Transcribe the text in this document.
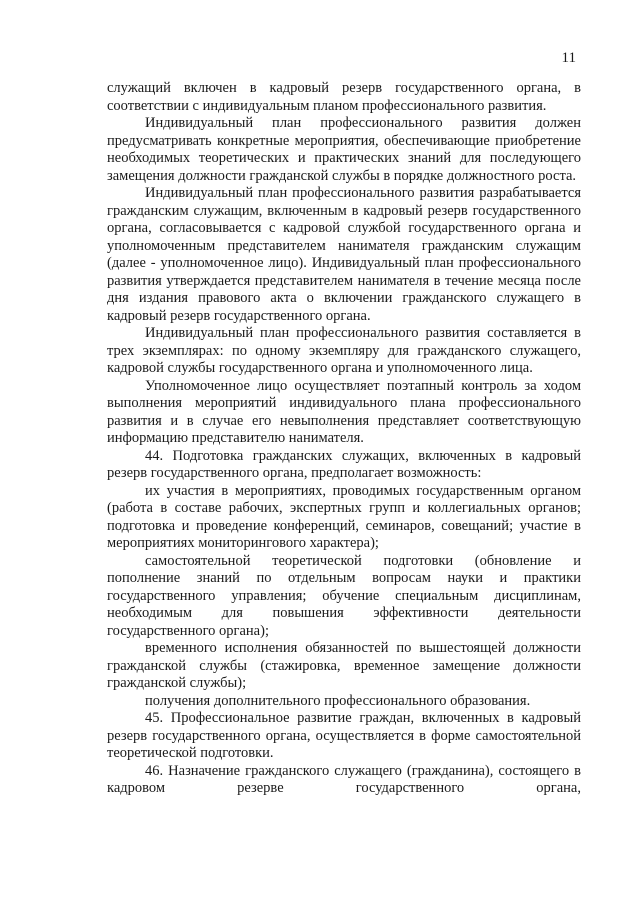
11

служащий включен в кадровый резерв государственного органа, в соответствии с индивидуальным планом профессионального развития.

Индивидуальный план профессионального развития должен предусматривать конкретные мероприятия, обеспечивающие приобретение необходимых теоретических и практических знаний для последующего замещения должности гражданской службы в порядке должностного роста.

Индивидуальный план профессионального развития разрабатывается гражданским служащим, включенным в кадровый резерв государственного органа, согласовывается с кадровой службой государственного органа и уполномоченным представителем нанимателя гражданским служащим (далее - уполномоченное лицо). Индивидуальный план профессионального развития утверждается представителем нанимателя в течение месяца после дня издания правового акта о включении гражданского служащего в кадровый резерв государственного органа.

Индивидуальный план профессионального развития составляется в трех экземплярах: по одному экземпляру для гражданского служащего, кадровой службы государственного органа и уполномоченного лица.

Уполномоченное лицо осуществляет поэтапный контроль за ходом выполнения мероприятий индивидуального плана профессионального развития и в случае его невыполнения представляет соответствующую информацию представителю нанимателя.

44. Подготовка гражданских служащих, включенных в кадровый резерв государственного органа, предполагает возможность:

их участия в мероприятиях, проводимых государственным органом (работа в составе рабочих, экспертных групп и коллегиальных органов; подготовка и проведение конференций, семинаров, совещаний; участие в мероприятиях мониторингового характера);

самостоятельной теоретической подготовки (обновление и пополнение знаний по отдельным вопросам науки и практики государственного управления; обучение специальным дисциплинам, необходимым для повышения эффективности деятельности государственного органа);

временного исполнения обязанностей по вышестоящей должности гражданской службы (стажировка, временное замещение должности гражданской службы);

получения дополнительного профессионального образования.

45. Профессиональное развитие граждан, включенных в кадровый резерв государственного органа, осуществляется в форме самостоятельной теоретической подготовки.

46. Назначение гражданского служащего (гражданина), состоящего в кадровом резерве государственного органа,
